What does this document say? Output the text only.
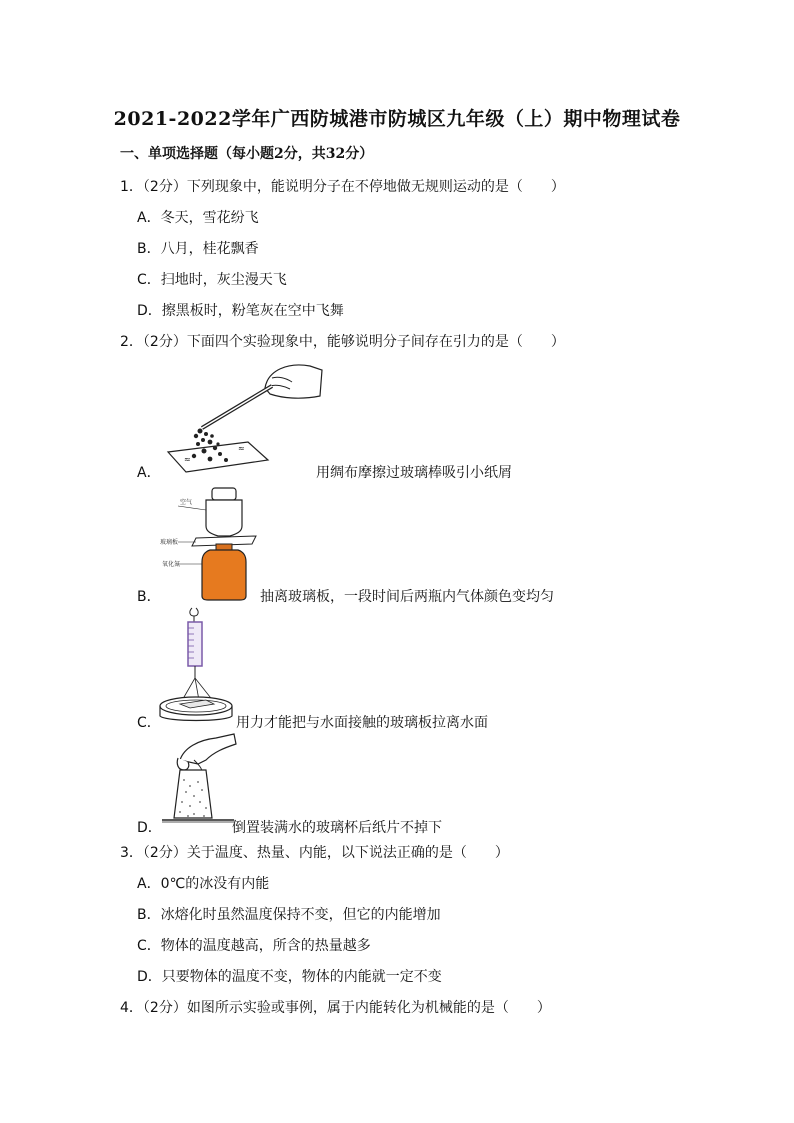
2021-2022学年广西防城港市防城区九年级（上）期中物理试卷
一、单项选择题（每小题2分，共32分）
1．（2分）下列现象中，能说明分子在不停地做无规则运动的是（　　）
A．冬天，雪花纷飞
B．八月，桂花飘香
C．扫地时，灰尘漫天飞
D．擦黑板时，粉笔灰在空中飞舞
2．（2分）下面四个实验现象中，能够说明分子间存在引力的是（　　）
≈
≈
A．	用绸布摩擦过玻璃棒吸引小纸屑
空气
玻璃板
氧化氮
B．	抽离玻璃板，一段时间后两瓶内气体颜色变均匀
C．	用力才能把与水面接触的玻璃板拉离水面
D．	倒置装满水的玻璃杯后纸片不掉下
3．（2分）关于温度、热量、内能，以下说法正确的是（　　）
A．0℃的冰没有内能
B．冰熔化时虽然温度保持不变，但它的内能增加
C．物体的温度越高，所含的热量越多
D．只要物体的温度不变，物体的内能就一定不变
4．（2分）如图所示实验或事例，属于内能转化为机械能的是（　　）
